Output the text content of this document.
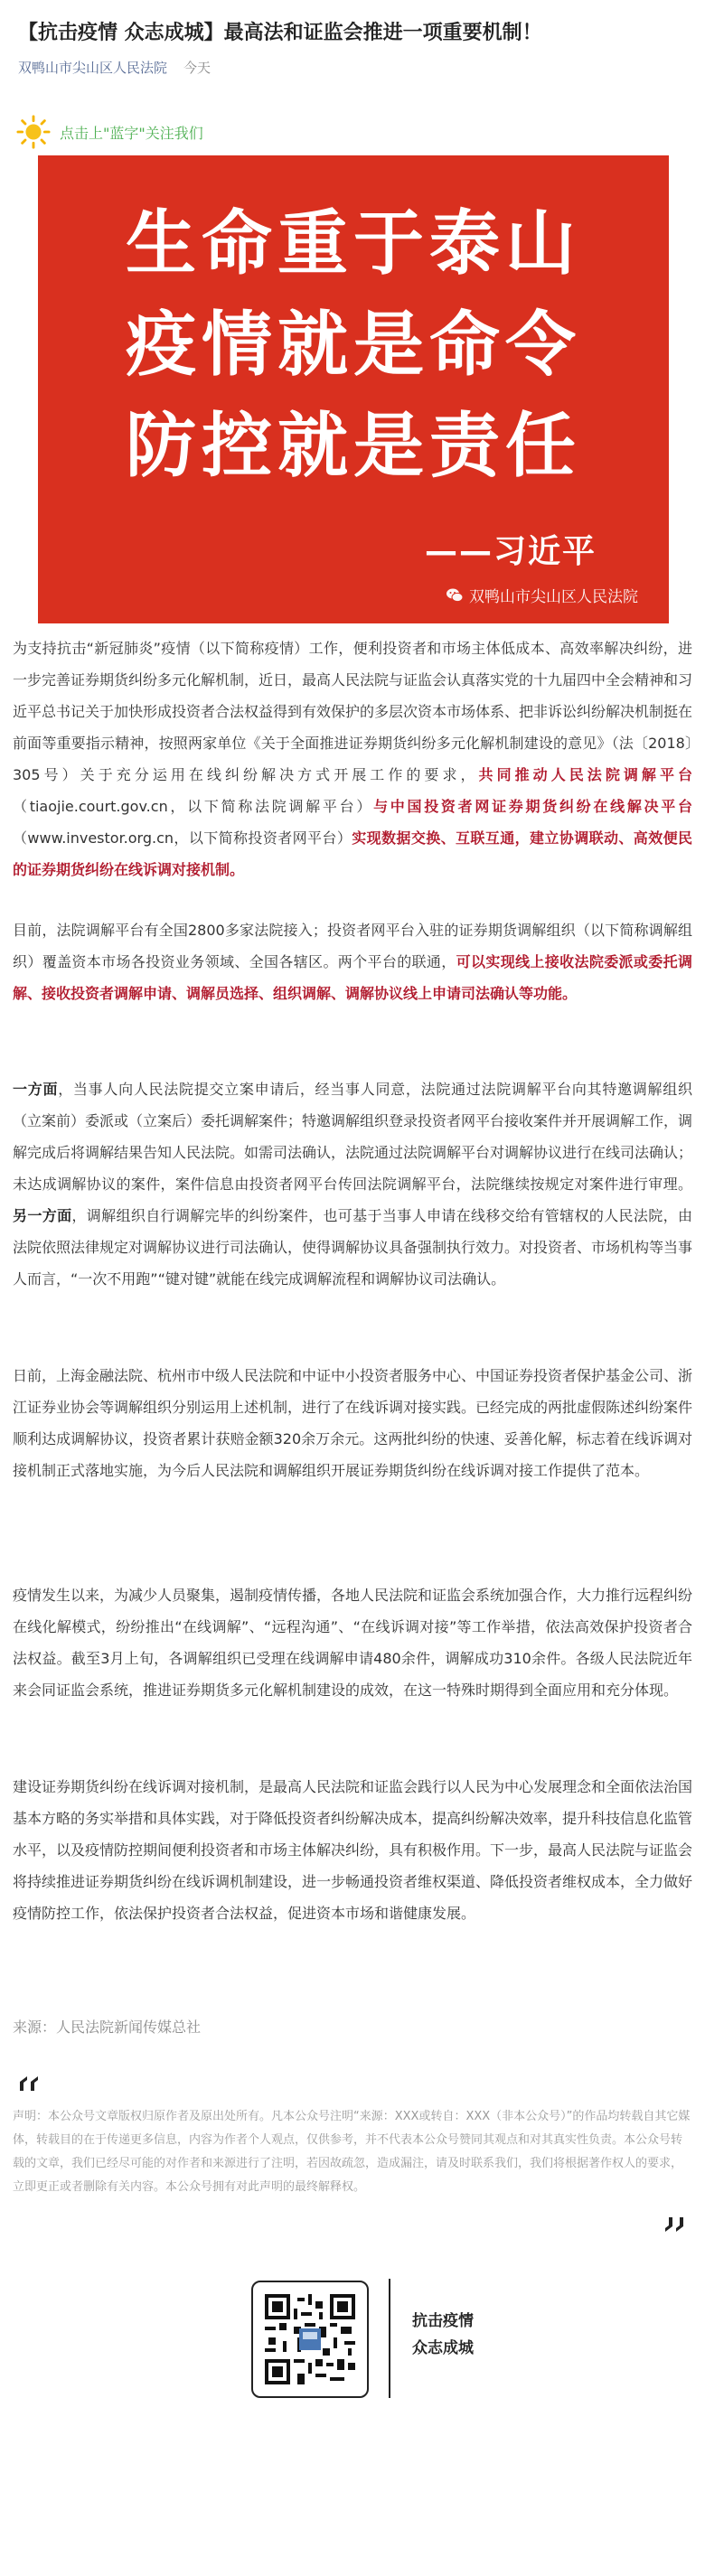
【抗击疫情 众志成城】最高法和证监会推进一项重要机制！
双鸭山市尖山区人民法院 今天
点击上"蓝字"关注我们
生命重于泰山
疫情就是命令
防控就是责任
——习近平
双鸭山市尖山区人民法院

为支持抗击“新冠肺炎”疫情（以下简称疫情）工作，便利投资者和市场主体低成本、高效率解决纠纷，进一步完善证券期货纠纷多元化解机制，近日，最高人民法院与证监会认真落实党的十九届四中全会精神和习近平总书记关于加快形成投资者合法权益得到有效保护的多层次资本市场体系、把非诉讼纠纷解决机制挺在前面等重要指示精神，按照两家单位《关于全面推进证券期货纠纷多元化解机制建设的意见》（法〔2018〕305号）关于充分运用在线纠纷解决方式开展工作的要求，共同推动人民法院调解平台（tiaojie.court.gov.cn，以下简称法院调解平台）与中国投资者网证券期货纠纷在线解决平台（www.investor.org.cn，以下简称投资者网平台）实现数据交换、互联互通，建立协调联动、高效便民的证券期货纠纷在线诉调对接机制。

目前，法院调解平台有全国2800多家法院接入；投资者网平台入驻的证券期货调解组织（以下简称调解组织）覆盖资本市场各投资业务领域、全国各辖区。两个平台的联通，可以实现线上接收法院委派或委托调解、接收投资者调解申请、调解员选择、组织调解、调解协议线上申请司法确认等功能。

一方面，当事人向人民法院提交立案申请后，经当事人同意，法院通过法院调解平台向其特邀调解组织（立案前）委派或（立案后）委托调解案件；特邀调解组织登录投资者网平台接收案件并开展调解工作，调解完成后将调解结果告知人民法院。如需司法确认，法院通过法院调解平台对调解协议进行在线司法确认；未达成调解协议的案件，案件信息由投资者网平台传回法院调解平台，法院继续按规定对案件进行审理。另一方面，调解组织自行调解完毕的纠纷案件，也可基于当事人申请在线移交给有管辖权的人民法院，由法院依照法律规定对调解协议进行司法确认，使得调解协议具备强制执行效力。对投资者、市场机构等当事人而言，“一次不用跑”“键对键”就能在线完成调解流程和调解协议司法确认。

日前，上海金融法院、杭州市中级人民法院和中证中小投资者服务中心、中国证券投资者保护基金公司、浙江证券业协会等调解组织分别运用上述机制，进行了在线诉调对接实践。已经完成的两批虚假陈述纠纷案件顺利达成调解协议，投资者累计获赔金额320余万余元。这两批纠纷的快速、妥善化解，标志着在线诉调对接机制正式落地实施，为今后人民法院和调解组织开展证券期货纠纷在线诉调对接工作提供了范本。

疫情发生以来，为减少人员聚集，遏制疫情传播，各地人民法院和证监会系统加强合作，大力推行远程纠纷在线化解模式，纷纷推出“在线调解”、“远程沟通”、“在线诉调对接”等工作举措，依法高效保护投资者合法权益。截至3月上旬，各调解组织已受理在线调解申请480余件，调解成功310余件。各级人民法院近年来会同证监会系统，推进证券期货多元化解机制建设的成效，在这一特殊时期得到全面应用和充分体现。

建设证券期货纠纷在线诉调对接机制，是最高人民法院和证监会践行以人民为中心发展理念和全面依法治国基本方略的务实举措和具体实践，对于降低投资者纠纷解决成本，提高纠纷解决效率，提升科技信息化监管水平，以及疫情防控期间便利投资者和市场主体解决纠纷，具有积极作用。下一步，最高人民法院与证监会将持续推进证券期货纠纷在线诉调机制建设，进一步畅通投资者维权渠道、降低投资者维权成本，全力做好疫情防控工作，依法保护投资者合法权益，促进资本市场和谐健康发展。

来源：人民法院新闻传媒总社

声明：本公众号文章版权归原作者及原出处所有。凡本公众号注明“来源：XXX或转自：XXX（非本公众号）”的作品均转载自其它媒体，转载目的在于传递更多信息，内容为作者个人观点，仅供参考，并不代表本公众号赞同其观点和对其真实性负责。本公众号转载的文章，我们已经尽可能的对作者和来源进行了注明，若因故疏忽，造成漏注，请及时联系我们，我们将根据著作权人的要求，立即更正或者删除有关内容。本公众号拥有对此声明的最终解释权。

抗击疫情
众志成城
